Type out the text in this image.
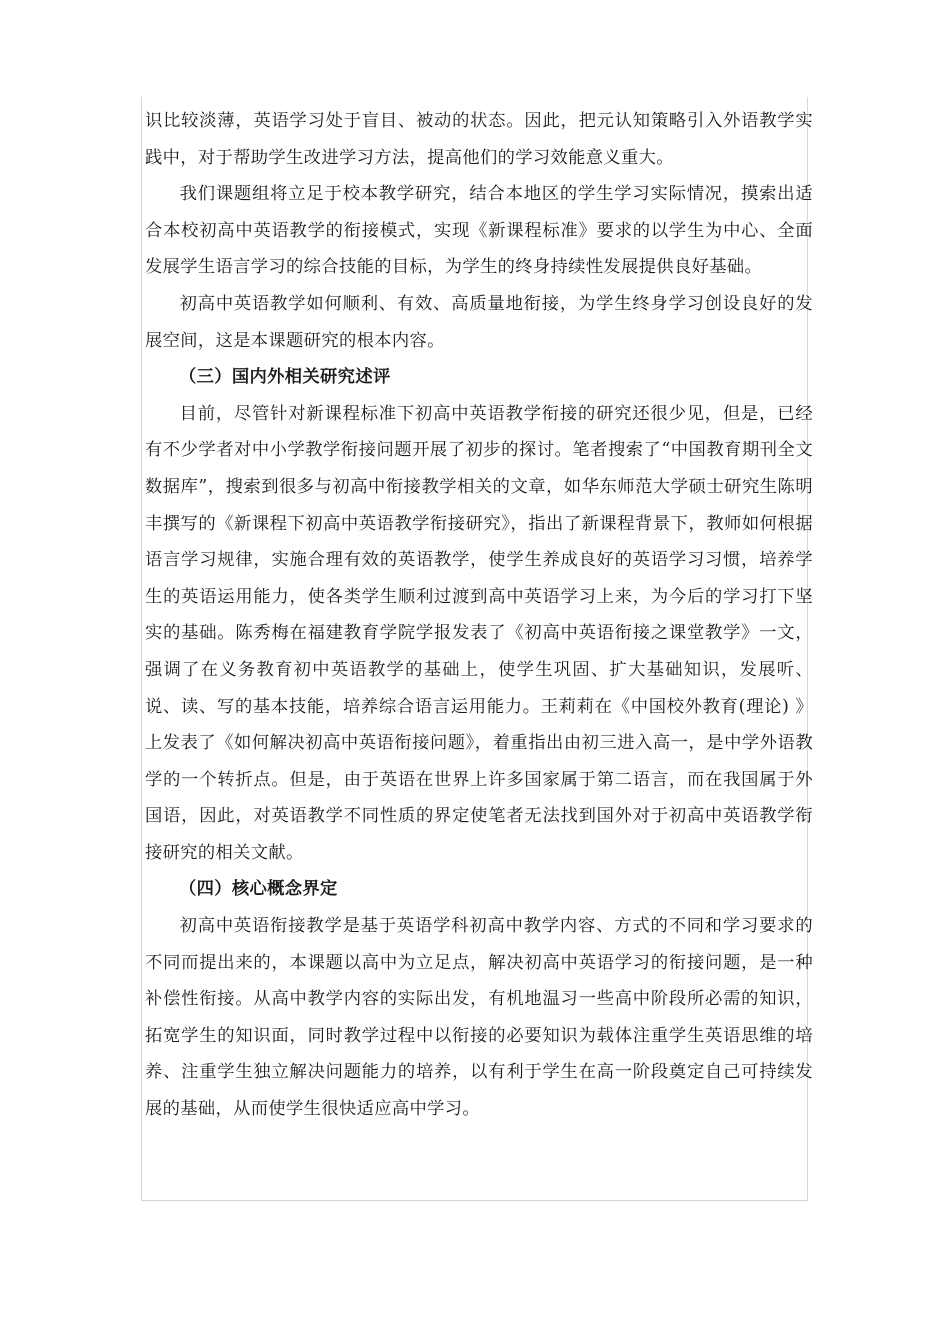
识比较淡薄，英语学习处于盲目、被动的状态。因此，把元认知策略引入外语教学实践中，对于帮助学生改进学习方法，提高他们的学习效能意义重大。

我们课题组将立足于校本教学研究，结合本地区的学生学习实际情况，摸索出适合本校初高中英语教学的衔接模式，实现《新课程标准》要求的以学生为中心、全面发展学生语言学习的综合技能的目标，为学生的终身持续性发展提供良好基础。

初高中英语教学如何顺利、有效、高质量地衔接，为学生终身学习创设良好的发展空间，这是本课题研究的根本内容。

（三）国内外相关研究述评

目前，尽管针对新课程标准下初高中英语教学衔接的研究还很少见，但是，已经有不少学者对中小学教学衔接问题开展了初步的探讨。笔者搜索了“中国教育期刊全文数据库”，搜索到很多与初高中衔接教学相关的文章，如华东师范大学硕士研究生陈明丰撰写的《新课程下初高中英语教学衔接研究》，指出了新课程背景下，教师如何根据语言学习规律，实施合理有效的英语教学，使学生养成良好的英语学习习惯，培养学生的英语运用能力，使各类学生顺利过渡到高中英语学习上来，为今后的学习打下坚实的基础。陈秀梅在福建教育学院学报发表了《初高中英语衔接之课堂教学》一文，强调了在义务教育初中英语教学的基础上，使学生巩固、扩大基础知识，发展听、说、读、写的基本技能，培养综合语言运用能力。王莉莉在《中国校外教育(理论) 》上发表了《如何解决初高中英语衔接问题》，着重指出由初三进入高一，是中学外语教学的一个转折点。但是，由于英语在世界上许多国家属于第二语言，而在我国属于外国语，因此，对英语教学不同性质的界定使笔者无法找到国外对于初高中英语教学衔接研究的相关文献。

（四）核心概念界定

初高中英语衔接教学是基于英语学科初高中教学内容、方式的不同和学习要求的不同而提出来的，本课题以高中为立足点，解决初高中英语学习的衔接问题，是一种补偿性衔接。从高中教学内容的实际出发，有机地温习一些高中阶段所必需的知识，拓宽学生的知识面，同时教学过程中以衔接的必要知识为载体注重学生英语思维的培养、注重学生独立解决问题能力的培养，以有利于学生在高一阶段奠定自己可持续发展的基础，从而使学生很快适应高中学习。
